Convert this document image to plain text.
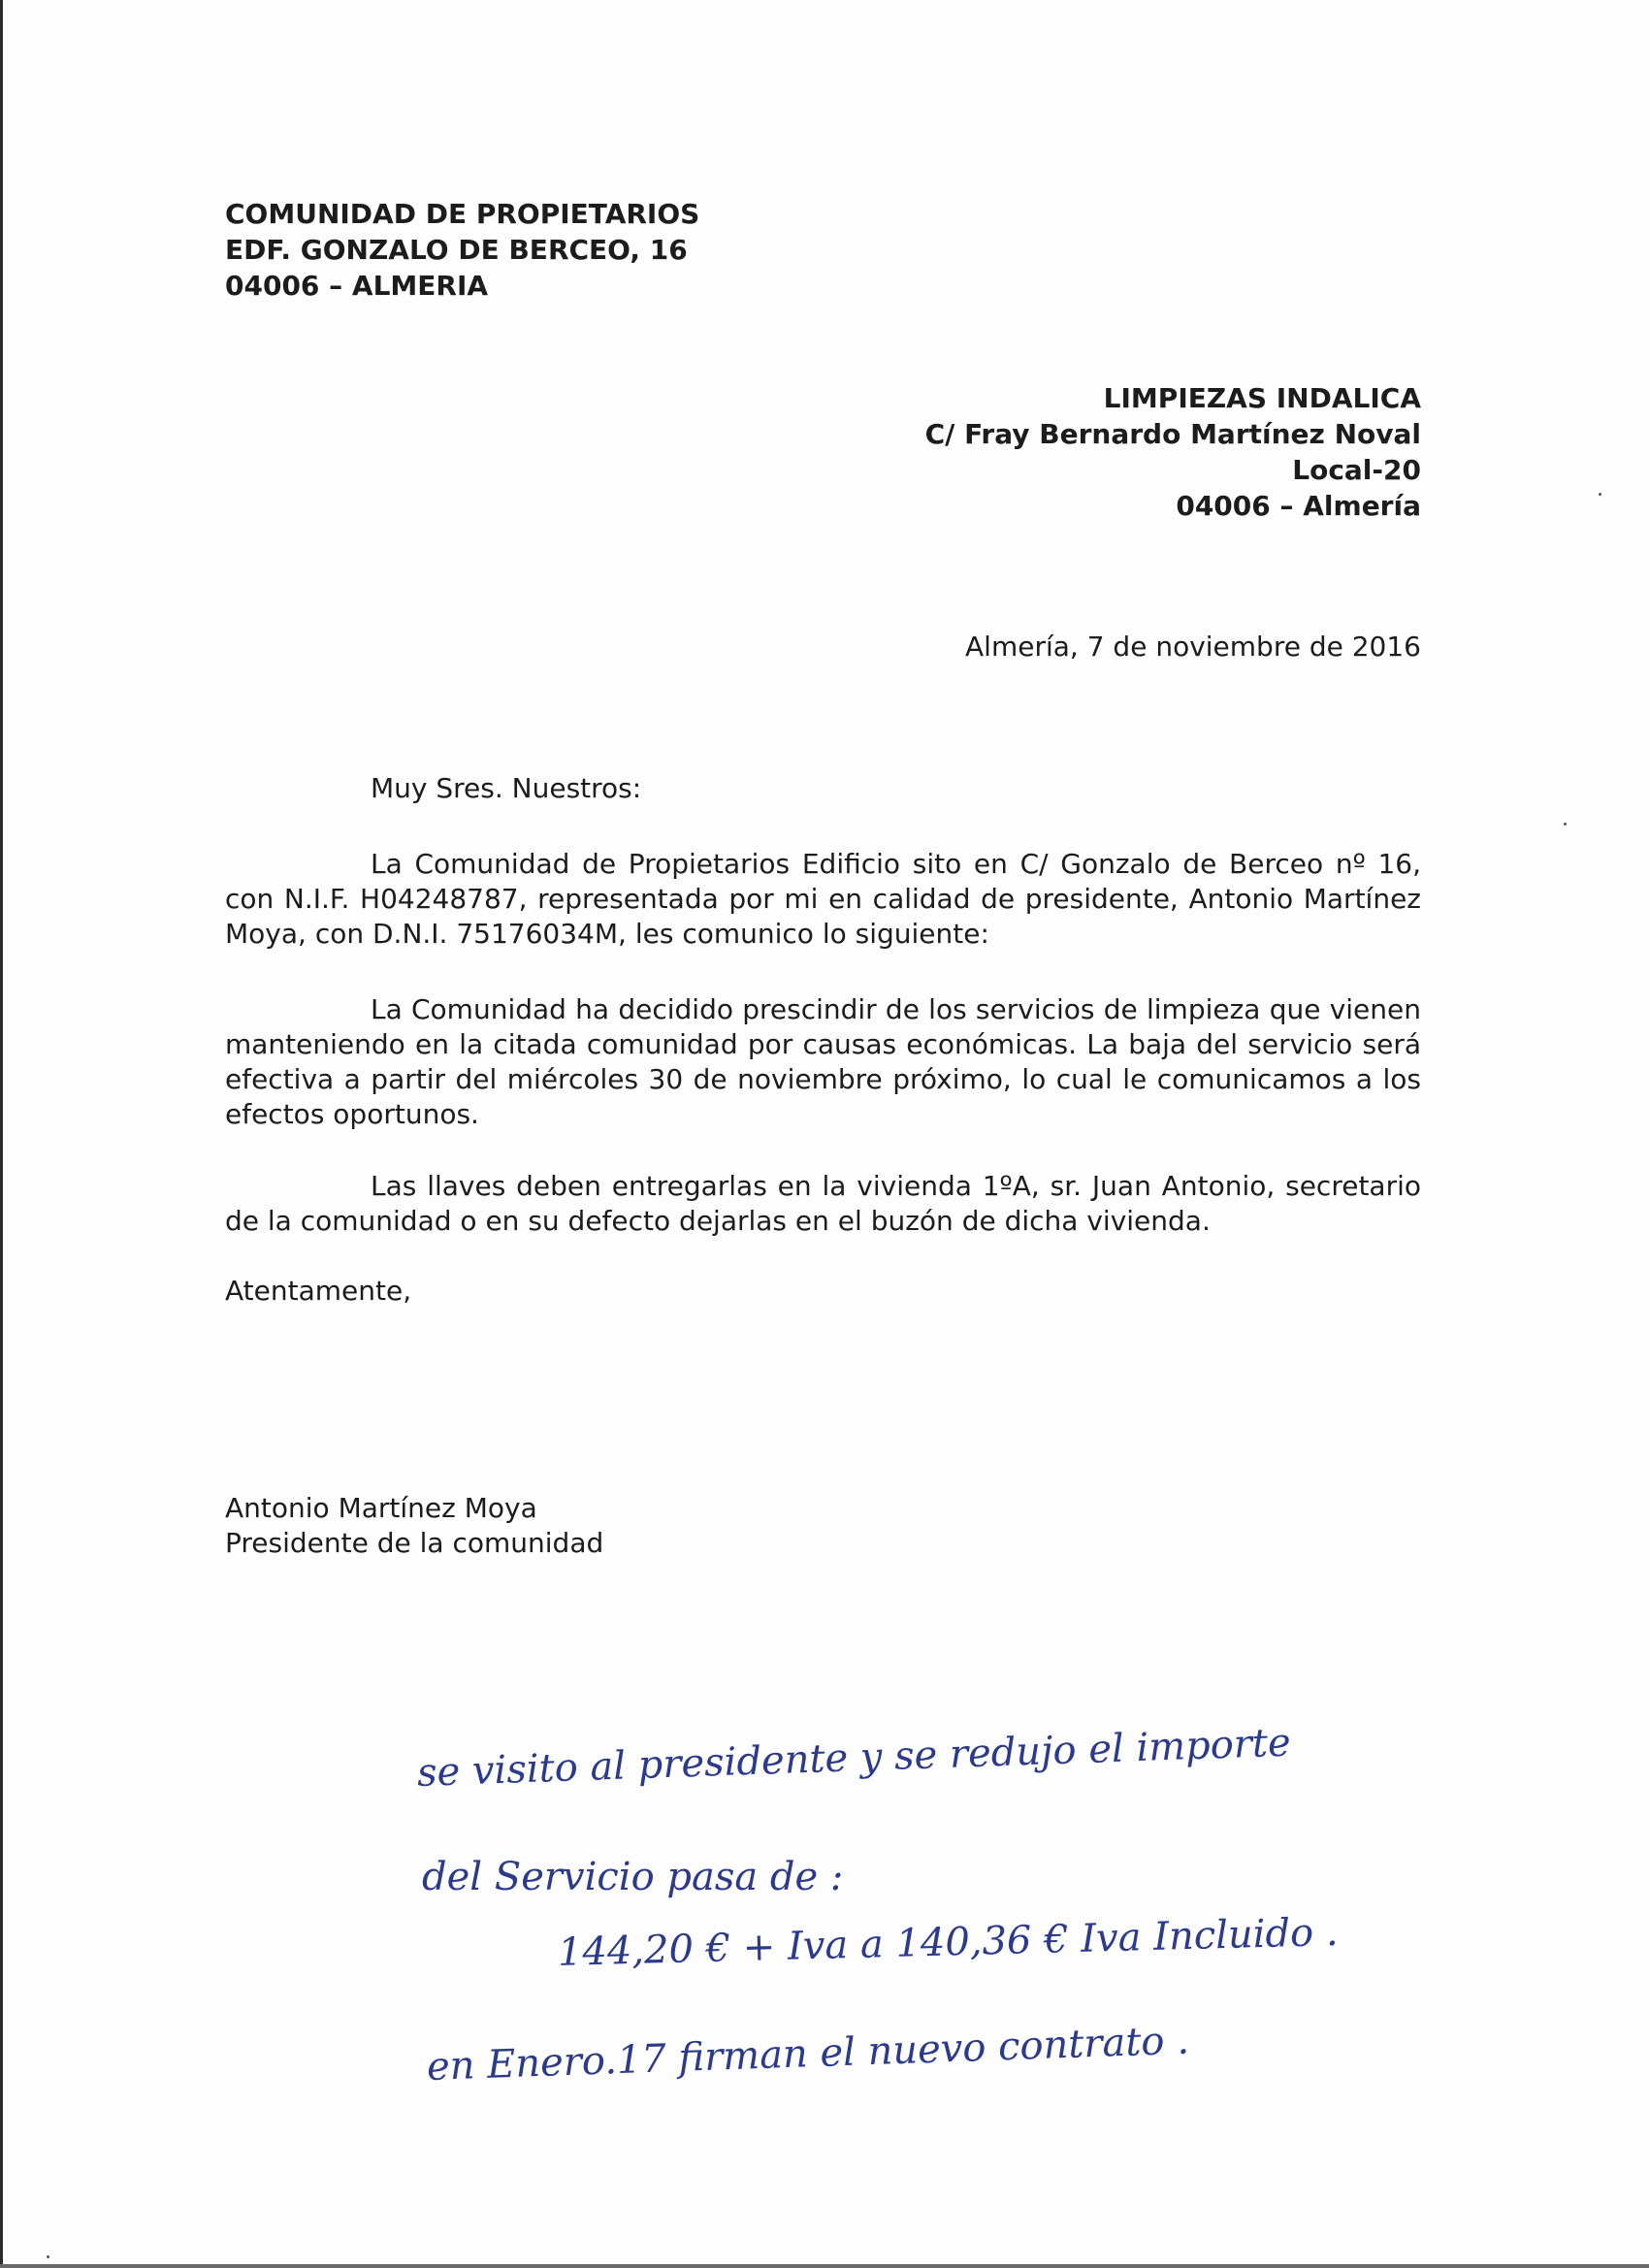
COMUNIDAD DE PROPIETARIOS
EDF. GONZALO DE BERCEO, 16
04006 – ALMERIA
LIMPIEZAS INDALICA
C/ Fray Bernardo Martínez Noval
Local-20
04006 – Almería
Almería, 7 de noviembre de 2016
Muy Sres. Nuestros:
La Comunidad de Propietarios Edificio sito en C/ Gonzalo de Berceo nº 16, con N.I.F. H04248787, representada por mi en calidad de presidente, Antonio Martínez Moya, con D.N.I. 75176034M, les comunico lo siguiente:
La Comunidad ha decidido prescindir de los servicios de limpieza que vienen manteniendo en la citada comunidad por causas económicas. La baja del servicio será efectiva a partir del miércoles 30 de noviembre próximo, lo cual le comunicamos a los efectos oportunos.
Las llaves deben entregarlas en la vivienda 1ºA, sr. Juan Antonio, secretario de la comunidad o en su defecto dejarlas en el buzón de dicha vivienda.
Atentamente,
Antonio Martínez Moya
Presidente de la comunidad
se visito al presidente y se redujo el importe
del Servicio pasa de :
144,20 € + Iva a 140,36 € Iva Incluido .
en Enero.17 firman el nuevo contrato .
